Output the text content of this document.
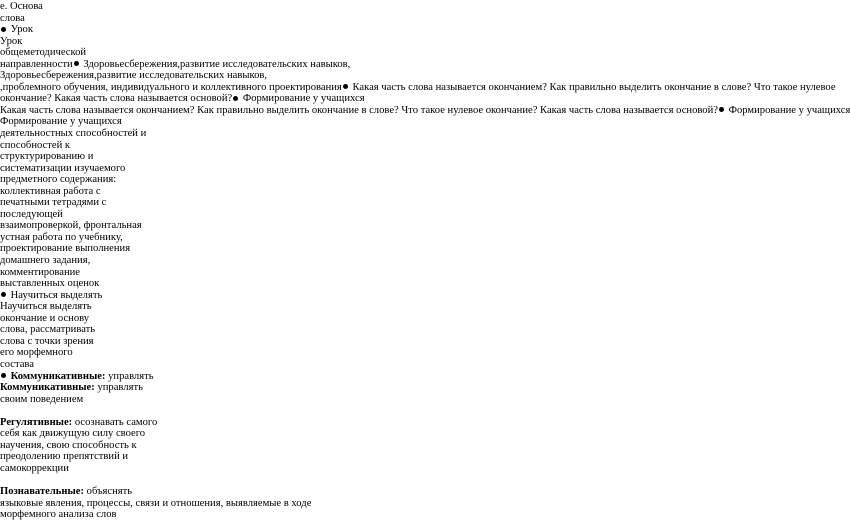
е. Основа
слова
Урок
Урок
общеметодической
направленности Здоровьесбережения,развитие исследовательских навыков,
Здоровьесбережения,развитие исследовательских навыков,
,проблемного обучения, индивидуального и коллективного проектирования Какая часть слова называется окончанием? Как правильно выделить окончание в слове? Что такое нулевое
окончание? Какая часть слова называется основой? Формирование у учащихся
Какая часть слова называется окончанием? Как правильно выделить окончание в слове? Что такое нулевое окончание? Какая часть слова называется основой? Формирование у учащихся
Формирование у учащихся
деятельностных способностей и
способностей к
структурированию и
систематизации изучаемого
предметного содержания:
коллективная работа с
печатными тетрадями с
последующей
взаимопроверкой, фронтальная
устная работа по учебнику,
проектирование выполнения
домашнего задания,
комментирование
выставленных оценок
Научиться выделять
Научиться выделять
окончание и основу
слова, рассматривать
слова с точки зрения
его морфемного
состава
Коммуникативные: управлять
Коммуникативные: управлять
своим поведением
Регулятивные: осознавать самого
себя как движущую силу своего
научения, свою способность к
преодолению препятствий и
самокоррекции
Познавательные: объяснять
языковые явления, процессы, связи и отношения, выявляемые в ходе
морфемного анализа слов
